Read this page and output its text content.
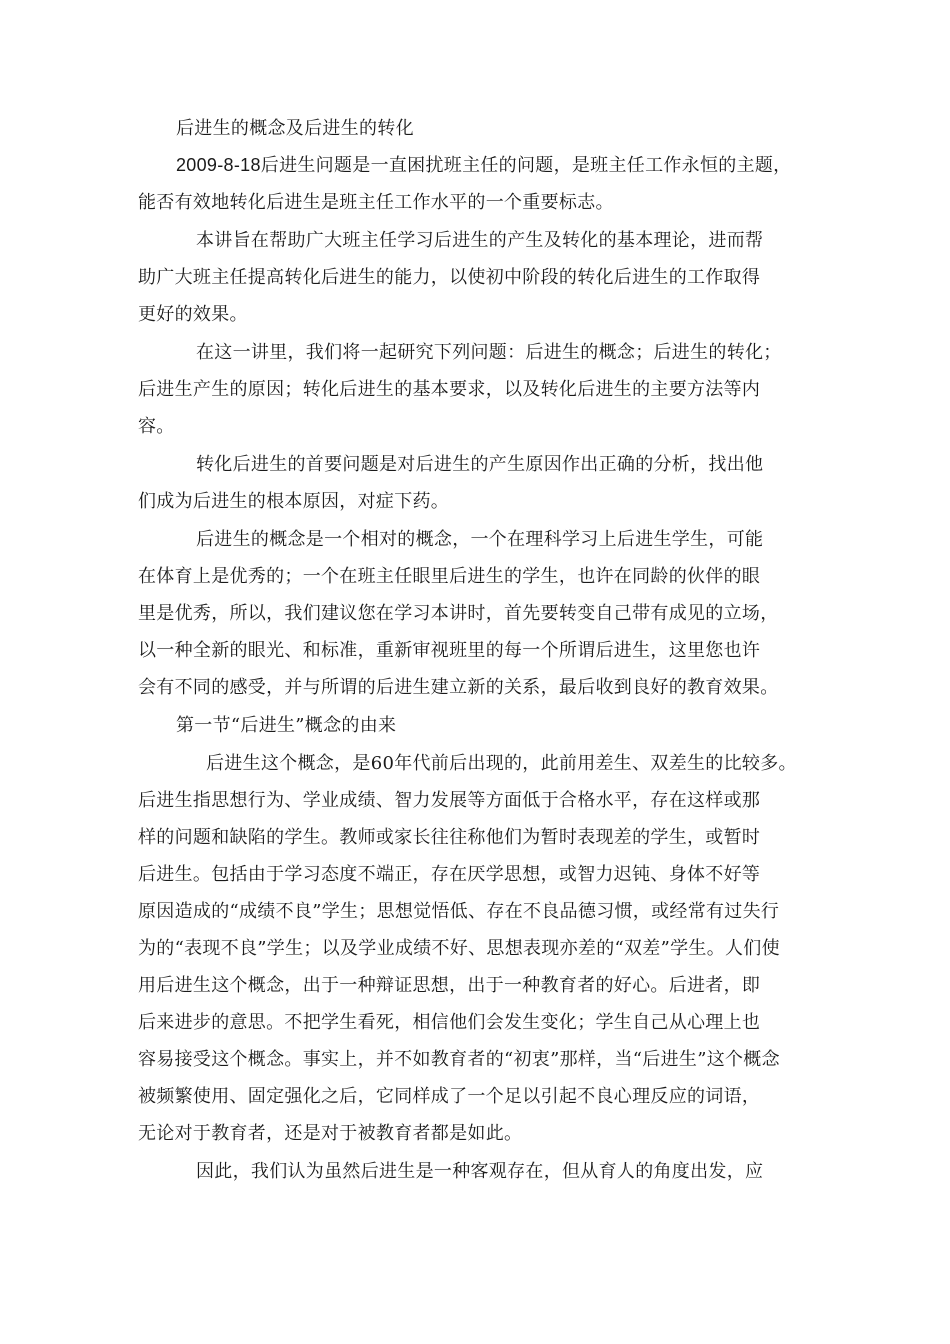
后进生的概念及后进生的转化
2009-8-18后进生问题是一直困扰班主任的问题，是班主任工作永恒的主题，
能否有效地转化后进生是班主任工作水平的一个重要标志。
本讲旨在帮助广大班主任学习后进生的产生及转化的基本理论，进而帮
助广大班主任提高转化后进生的能力，以使初中阶段的转化后进生的工作取得
更好的效果。
在这一讲里，我们将一起研究下列问题：后进生的概念；后进生的转化；
后进生产生的原因；转化后进生的基本要求，以及转化后进生的主要方法等内
容。
转化后进生的首要问题是对后进生的产生原因作出正确的分析，找出他
们成为后进生的根本原因，对症下药。
后进生的概念是一个相对的概念，一个在理科学习上后进生学生，可能
在体育上是优秀的；一个在班主任眼里后进生的学生，也许在同龄的伙伴的眼
里是优秀，所以，我们建议您在学习本讲时，首先要转变自己带有成见的立场，
以一种全新的眼光、和标准，重新审视班里的每一个所谓后进生，这里您也许
会有不同的感受，并与所谓的后进生建立新的关系，最后收到良好的教育效果。
第一节“后进生”概念的由来
后进生这个概念，是60年代前后出现的，此前用差生、双差生的比较多。
后进生指思想行为、学业成绩、智力发展等方面低于合格水平，存在这样或那
样的问题和缺陷的学生。教师或家长往往称他们为暂时表现差的学生，或暂时
后进生。包括由于学习态度不端正，存在厌学思想，或智力迟钝、身体不好等
原因造成的“成绩不良”学生；思想觉悟低、存在不良品德习惯，或经常有过失行
为的“表现不良”学生；以及学业成绩不好、思想表现亦差的“双差”学生。人们使
用后进生这个概念，出于一种辩证思想，出于一种教育者的好心。后进者，即
后来进步的意思。不把学生看死，相信他们会发生变化；学生自己从心理上也
容易接受这个概念。事实上，并不如教育者的“初衷”那样，当“后进生”这个概念
被频繁使用、固定强化之后，它同样成了一个足以引起不良心理反应的词语，
无论对于教育者，还是对于被教育者都是如此。
因此，我们认为虽然后进生是一种客观存在，但从育人的角度出发，应
